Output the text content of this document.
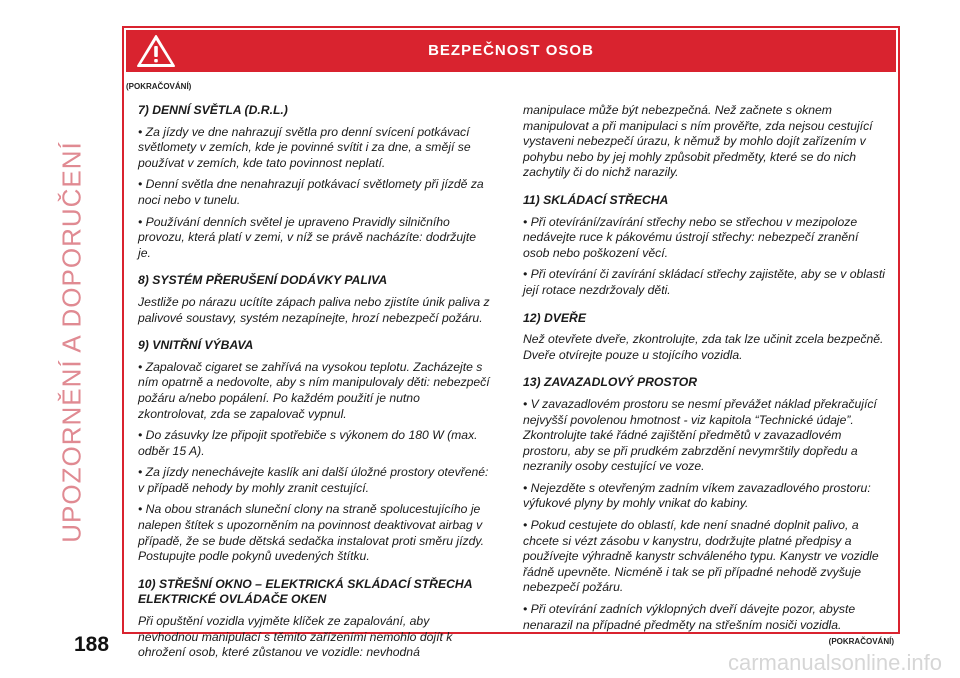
UPOZORNĚNÍ A DOPORUČENÍ
BEZPEČNOST OSOB
(POKRAČOVÁNÍ)
7) DENNÍ SVĚTLA (D.R.L.)

• Za jízdy ve dne nahrazují světla pro denní svícení potkávací světlomety v zemích, kde je povinné svítit i za dne, a smějí se používat v zemích, kde tato povinnost neplatí.

• Denní světla dne nenahrazují potkávací světlomety při jízdě za noci nebo v tunelu.

• Používání denních světel je upraveno Pravidly silničního provozu, která platí v zemi, v níž se právě nacházíte: dodržujte je.

8) SYSTÉM PŘERUŠENÍ DODÁVKY PALIVA

Jestliže po nárazu ucítíte zápach paliva nebo zjistíte únik paliva z palivové soustavy, systém nezapínejte, hrozí nebezpečí požáru.

9) VNITŘNÍ VÝBAVA

• Zapalovač cigaret se zahřívá na vysokou teplotu. Zacházejte s ním opatrně a nedovolte, aby s ním manipulovaly děti: nebezpečí požáru a/nebo popálení. Po každém použití je nutno zkontrolovat, zda se zapalovač vypnul.

• Do zásuvky lze připojit spotřebiče s výkonem do 180 W (max. odběr 15 A).

• Za jízdy nenechávejte kaslík ani další úložné prostory otevřené: v případě nehody by mohly zranit cestující.

• Na obou stranách sluneční clony na straně spolucestujícího je nalepen štítek s upozorněním na povinnost deaktivovat airbag v případě, že se bude dětská sedačka instalovat proti směru jízdy. Postupujte podle pokynů uvedených štítku.

10) STŘEŠNÍ OKNO – ELEKTRICKÁ SKLÁDACÍ STŘECHA ELEKTRICKÉ OVLÁDAČE OKEN

Při opuštění vozidla vyjměte klíček ze zapalování, aby nevhodnou manipulací s těmito zařízeními nemohlo dojít k ohrožení osob, které zůstanou ve vozidle: nevhodná

manipulace může být nebezpečná. Než začnete s oknem manipulovat a při manipulaci s ním prověřte, zda nejsou cestující vystaveni nebezpečí úrazu, k němuž by mohlo dojít zařízením v pohybu nebo by jej mohly způsobit předměty, které se do nich zachytily či do nichž narazily.

11) SKLÁDACÍ STŘECHA

• Při otevírání/zavírání střechy nebo se střechou v mezipoloze nedávejte ruce k pákovému ústrojí střechy: nebezpečí zranění osob nebo poškození věcí.

• Při otevírání či zavírání skládací střechy zajistěte, aby se v oblasti její rotace nezdržovaly děti.

12) DVEŘE

Než otevřete dveře, zkontrolujte, zda tak lze učinit zcela bezpečně. Dveře otvírejte pouze u stojícího vozidla.

13) ZAVAZADLOVÝ PROSTOR

• V zavazadlovém prostoru se nesmí převážet náklad překračující nejvyšší povolenou hmotnost - viz kapitola “Technické údaje”. Zkontrolujte také řádné zajištění předmětů v zavazadlovém prostoru, aby se při prudkém zabrzdění nevymrštily dopředu a nezranily osoby cestující ve voze.

• Nejezděte s otevřeným zadním víkem zavazadlového prostoru: výfukové plyny by mohly vnikat do kabiny.

• Pokud cestujete do oblastí, kde není snadné doplnit palivo, a chcete si vézt zásobu v kanystru, dodržujte platné předpisy a používejte výhradně kanystr schváleného typu. Kanystr ve vozidle řádně upevněte. Nicméně i tak se při případné nehodě zvyšuje nebezpečí požáru.

• Při otevírání zadních výklopných dveří dávejte pozor, abyste nenarazil na případné předměty na střešním nosiči vozidla.

(POKRAČOVÁNÍ)
188
carmanualsonline.info
